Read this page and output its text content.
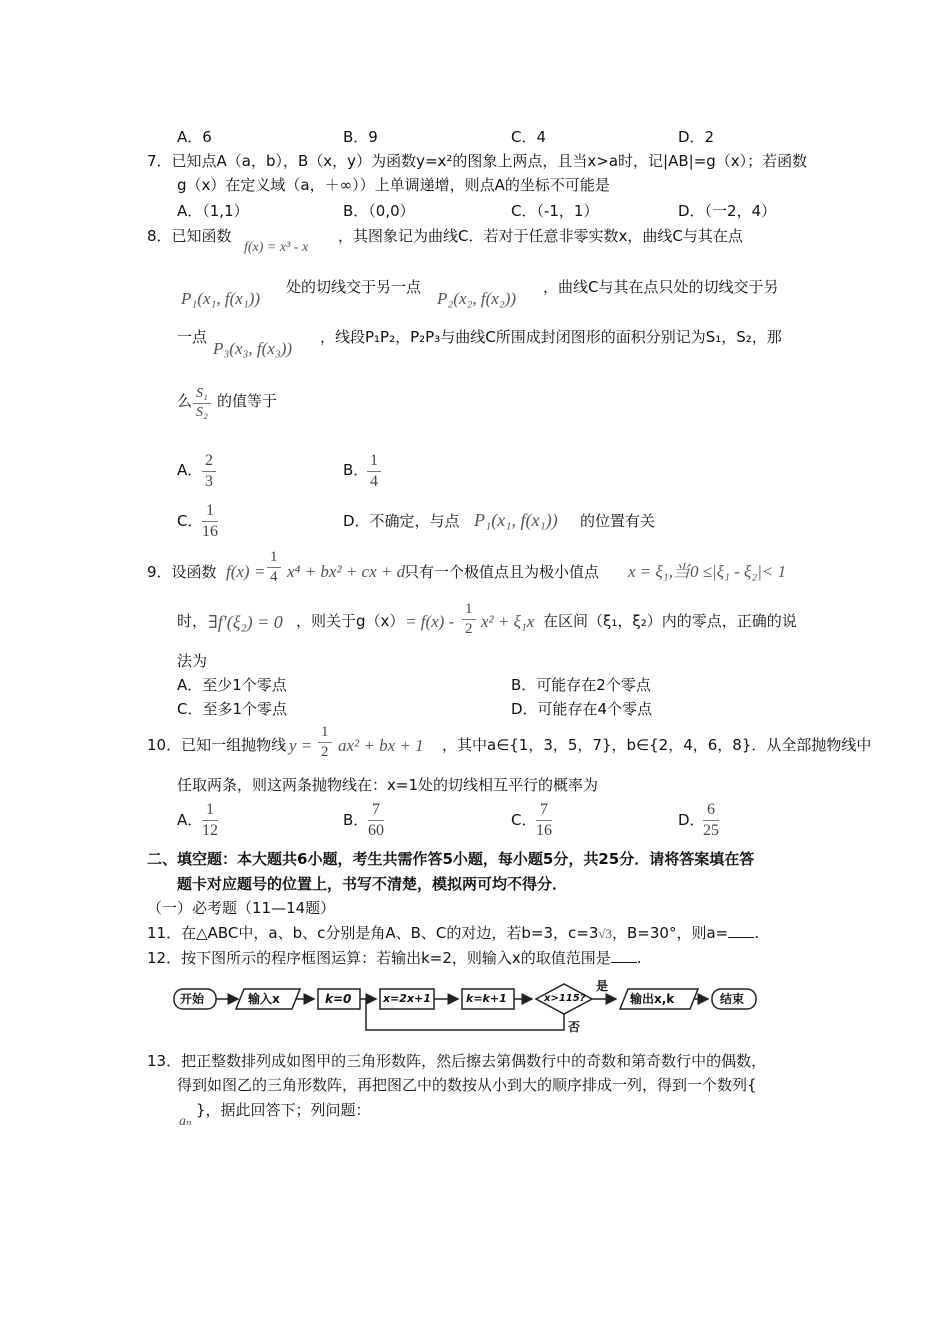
A．6	B．9	C．4	D．2
7．已知点A（a，b），B（x，y）为函数y=x²的图象上两点，且当x>a时，记|AB|=g（x）；若函数
g（x）在定义域（a，＋∞））上单调递增，则点A的坐标不可能是
A．（1,1）	B．（0,0）	C．（-1，1）	D．（一2，4）
8．已知函数
f(x) = x³ - x
，其图象记为曲线C．若对于任意非零实数x，曲线C与其在点
P₁(x₁, f(x₁))
处的切线交于另一点
P₂(x₂, f(x₂))
，曲线C与其在点只处的切线交于另
一点
P₃(x₃, f(x₃))
，线段P₁P₂，P₂P₃与曲线C所围成封闭图形的面积分别记为S₁，S₂，那
么 $\frac{\text{S₁}}{\text{S₂}}$ 的值等于
A． $\frac{2}{3}$	B．
$\frac{1}{4}$
C． $\frac{1}{16}$	D．不确定，与点 P₁(x₁, f(x₁)) 的位置有关
9．设函数 $f(x) = \frac{1}{4} x^4 + bx^2$ + cx + d
只有一个极值点且为极小值点 x = ξ₁,当0 ≤|ξ₁ - ξ₂|< 1
时， ∃f′(ξ₂) = 0 ，则关于$g(x) = f(x) - \frac{1}{2} x^2 + \xi_1x$ 在区间（ξ₁，ξ₂）内的零点，正确的说
法为
A．至少1个零点	B．可能存在2个零点
C．至多1个零点	D．可能存在4个零点
10．已知一组抛物线 $y = \frac{1}{2} ax^2$ + bx + 1 ，其中a∈{1，3，5，7}，b∈{2，4，6，8}．从全部抛物线中
任取两条，则这两条抛物线在：x=1处的切线相互平行的概率为
A． $\frac{1}{12}$	B． $\frac{7}{60}$	C． $\frac{7}{16}$	D．
$\frac{6}{25}$
二、填空题：本大题共6小题，考生共需作答5小题，每小题5分，共25分．请将答案填在答
题卡对应题号的位置上，书写不清楚，模拟两可均不得分．
（一）必考题（11—14题）
11．在△ABC中，a、b、c分别是角A、B、C的对边，若b=3，c=3√3，B=30°，则a= .
12．按下图所示的程序框图运算：若输出k=2，则输入x的取值范围是 .
开始	输入x	k=0	x=2x+1	k=k+1	x>115?
是
否
输出x,k	结束
13．把正整数排列成如图甲的三角形数阵，然后擦去第偶数行中的奇数和第奇数行中的偶数，
得到如图乙的三角形数阵，再把图乙中的数按从小到大的顺序排成一列，得到一个数列{
}，据此回答下；列问题：
aₙ
